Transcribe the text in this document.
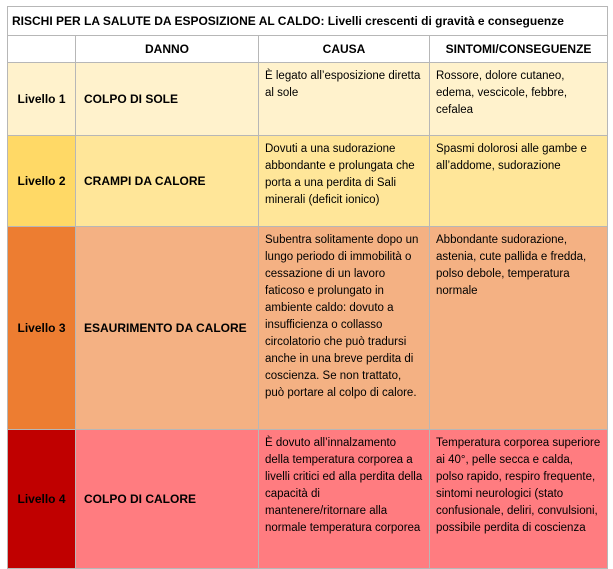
RISCHI PER LA SALUTE DA ESPOSIZIONE AL CALDO: Livelli crescenti di gravità e conseguenze			
	DANNO	CAUSA	SINTOMI/CONSEGUENZE
Livello 1	COLPO DI SOLE	È legato all’esposizione diretta al sole	Rossore, dolore cutaneo, edema, vescicole, febbre, cefalea
Livello 2	CRAMPI DA CALORE	Dovuti a una sudorazione abbondante e prolungata che porta a una perdita di Sali minerali (deficit ionico)	Spasmi dolorosi alle gambe e all’addome, sudorazione
Livello 3	ESAURIMENTO DA CALORE	Subentra solitamente dopo un lungo periodo di immobilità o cessazione di un lavoro faticoso e prolungato in ambiente caldo: dovuto a insufficienza o collasso circolatorio che può tradursi anche in una breve perdita di coscienza. Se non trattato, può portare al colpo di calore.	Abbondante sudorazione, astenia, cute pallida e fredda, polso debole, temperatura normale
Livello 4	COLPO DI CALORE	È dovuto all’innalzamento della temperatura corporea a livelli critici ed alla perdita della capacità di mantenere/ritornare alla normale temperatura corporea	Temperatura corporea superiore ai 40°, pelle secca e calda, polso rapido, respiro frequente, sintomi neurologici (stato confusionale, deliri, convulsioni, possibile perdita di coscienza
